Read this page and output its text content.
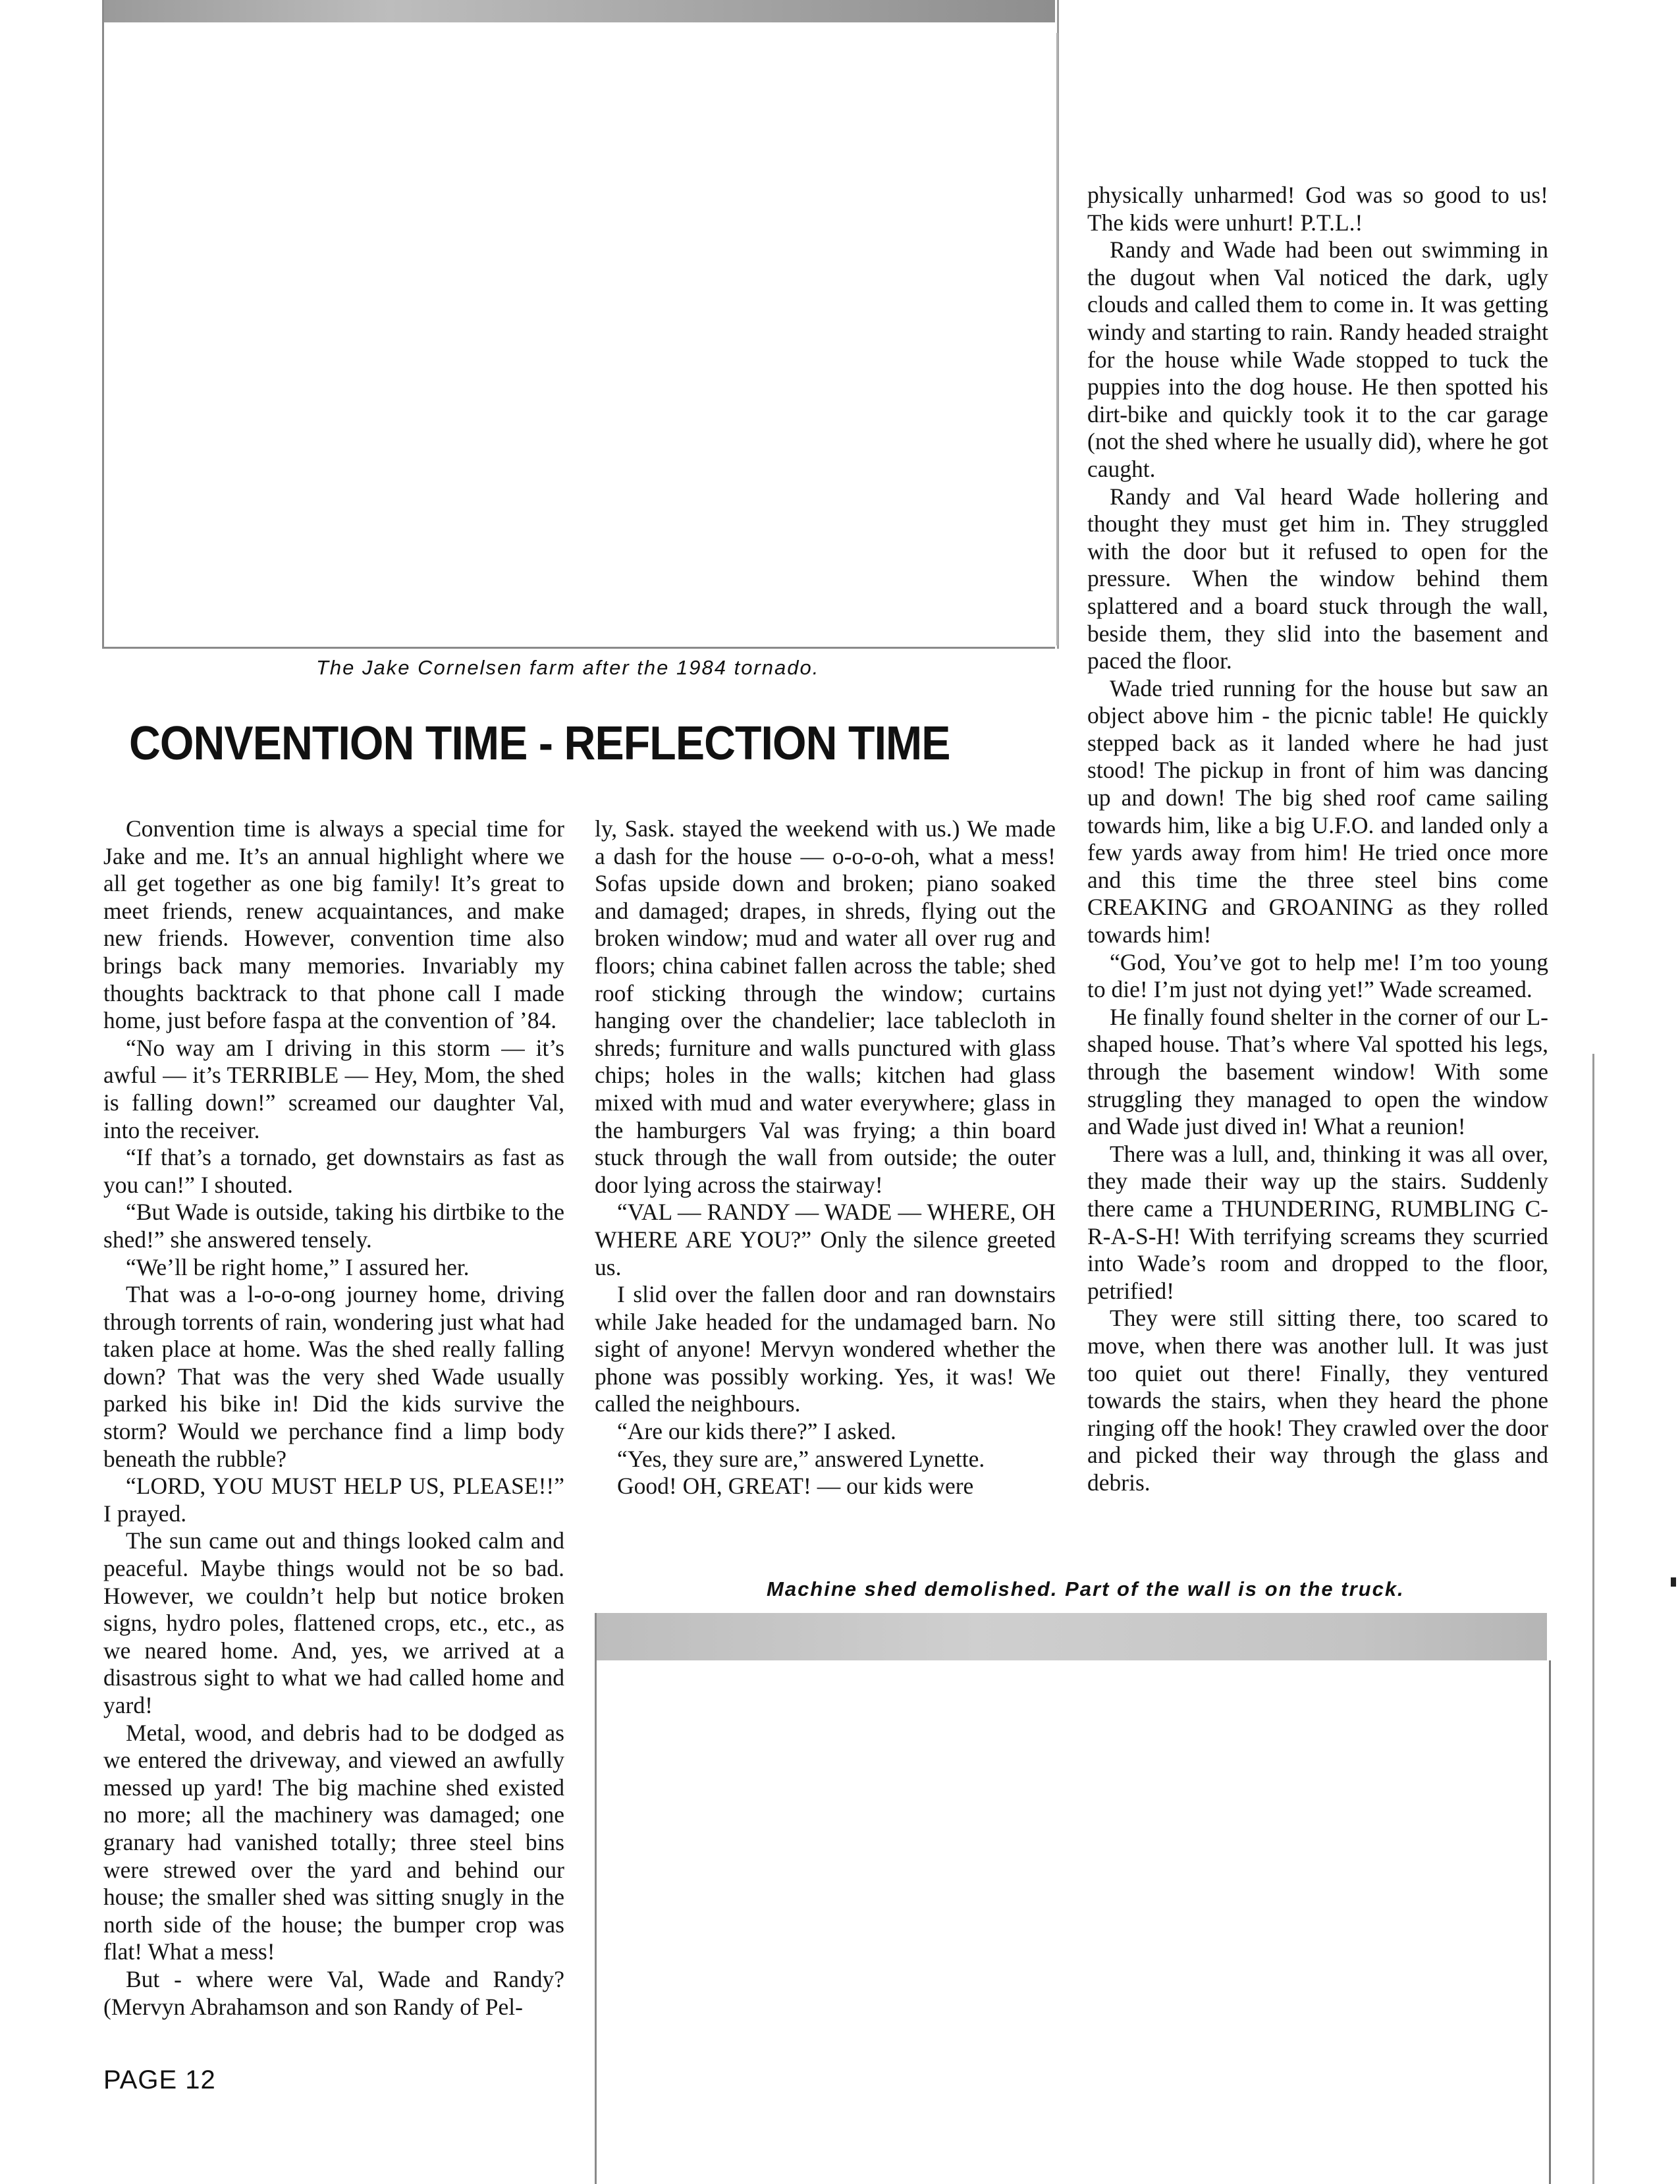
The Jake Cornelsen farm after the 1984 tornado.
CONVENTION TIME - REFLECTION TIME

Convention time is always a special time for Jake and me. It’s an annual highlight where we all get together as one big family! It’s great to meet friends, renew acquaintances, and make new friends. However, convention time also brings back many memories. Invariably my thoughts backtrack to that phone call I made home, just before faspa at the convention of ’84.

“No way am I driving in this storm — it’s awful — it’s TERRIBLE — Hey, Mom, the shed is falling down!” screamed our daughter Val, into the receiver.

“If that’s a tornado, get downstairs as fast as you can!” I shouted.

“But Wade is outside, taking his dirtbike to the shed!” she answered tensely.

“We’ll be right home,” I assured her.

That was a l-o-o-ong journey home, driving through torrents of rain, wondering just what had taken place at home. Was the shed really falling down? That was the very shed Wade usually parked his bike in! Did the kids survive the storm? Would we perchance find a limp body beneath the rubble?

“LORD, YOU MUST HELP US, PLEASE!!” I prayed.

The sun came out and things looked calm and peaceful. Maybe things would not be so bad. However, we couldn’t help but notice broken signs, hydro poles, flattened crops, etc., etc., as we neared home. And, yes, we arrived at a disastrous sight to what we had called home and yard!

Metal, wood, and debris had to be dodged as we entered the driveway, and viewed an awfully messed up yard! The big machine shed existed no more; all the machinery was damaged; one granary had vanished totally; three steel bins were strewed over the yard and behind our house; the smaller shed was sitting snugly in the north side of the house; the bumper crop was flat! What a mess!

But - where were Val, Wade and Randy? (Mervyn Abrahamson and son Randy of Pel-

ly, Sask. stayed the weekend with us.) We made a dash for the house — o-o-o-oh, what a mess! Sofas upside down and broken; piano soaked and damaged; drapes, in shreds, flying out the broken window; mud and water all over rug and floors; china cabinet fallen across the table; shed roof sticking through the window; curtains hanging over the chandelier; lace tablecloth in shreds; furniture and walls punctured with glass chips; holes in the walls; kitchen had glass mixed with mud and water everywhere; glass in the hamburgers Val was frying; a thin board stuck through the wall from outside; the outer door lying across the stairway!

“VAL — RANDY — WADE — WHERE, OH WHERE ARE YOU?” Only the silence greeted us.

I slid over the fallen door and ran downstairs while Jake headed for the undamaged barn. No sight of anyone! Mervyn wondered whether the phone was possibly working. Yes, it was! We called the neighbours.

“Are our kids there?” I asked.

“Yes, they sure are,” answered Lynette.

Good! OH, GREAT! — our kids were

physically unharmed! God was so good to us! The kids were unhurt! P.T.L.!

Randy and Wade had been out swimming in the dugout when Val noticed the dark, ugly clouds and called them to come in. It was getting windy and starting to rain. Randy headed straight for the house while Wade stopped to tuck the puppies into the dog house. He then spotted his dirt-bike and quickly took it to the car garage (not the shed where he usually did), where he got caught.

Randy and Val heard Wade hollering and thought they must get him in. They struggled with the door but it refused to open for the pressure. When the window behind them splattered and a board stuck through the wall, beside them, they slid into the basement and paced the floor.

Wade tried running for the house but saw an object above him - the picnic table! He quickly stepped back as it landed where he had just stood! The pickup in front of him was dancing up and down! The big shed roof came sailing towards him, like a big U.F.O. and landed only a few yards away from him! He tried once more and this time the three steel bins come CREAKING and GROANING as they rolled towards him!

“God, You’ve got to help me! I’m too young to die! I’m just not dying yet!” Wade screamed.

He finally found shelter in the corner of our L-shaped house. That’s where Val spotted his legs, through the basement window! With some struggling they managed to open the window and Wade just dived in! What a reunion!

There was a lull, and, thinking it was all over, they made their way up the stairs. Suddenly there came a THUNDERING, RUMBLING C-R-A-S-H! With terrifying screams they scurried into Wade’s room and dropped to the floor, petrified!

They were still sitting there, too scared to move, when there was another lull. It was just too quiet out there! Finally, they ventured towards the stairs, when they heard the phone ringing off the hook! They crawled over the door and picked their way through the glass and debris.

Machine shed demolished. Part of the wall is on the truck.
PAGE 12
